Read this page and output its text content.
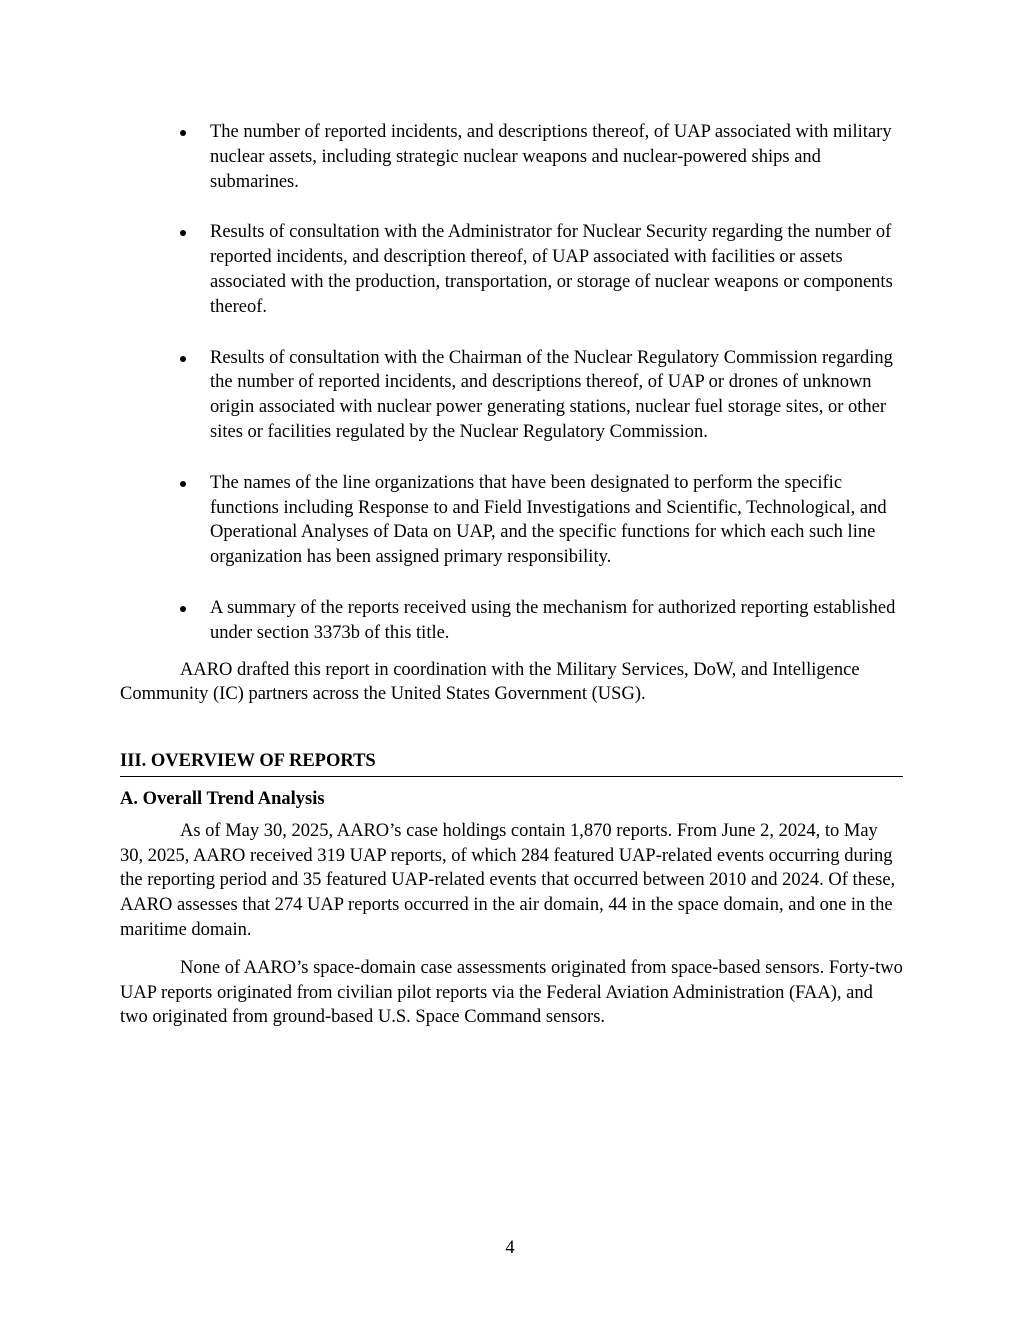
The number of reported incidents, and descriptions thereof, of UAP associated with military nuclear assets, including strategic nuclear weapons and nuclear-powered ships and submarines.
Results of consultation with the Administrator for Nuclear Security regarding the number of reported incidents, and description thereof, of UAP associated with facilities or assets associated with the production, transportation, or storage of nuclear weapons or components thereof.
Results of consultation with the Chairman of the Nuclear Regulatory Commission regarding the number of reported incidents, and descriptions thereof, of UAP or drones of unknown origin associated with nuclear power generating stations, nuclear fuel storage sites, or other sites or facilities regulated by the Nuclear Regulatory Commission.
The names of the line organizations that have been designated to perform the specific functions including Response to and Field Investigations and Scientific, Technological, and Operational Analyses of Data on UAP, and the specific functions for which each such line organization has been assigned primary responsibility.
A summary of the reports received using the mechanism for authorized reporting established under section 3373b of this title.

AARO drafted this report in coordination with the Military Services, DoW, and Intelligence Community (IC) partners across the United States Government (USG).

III. OVERVIEW OF REPORTS
A. Overall Trend Analysis

As of May 30, 2025, AARO’s case holdings contain 1,870 reports. From June 2, 2024, to May 30, 2025, AARO received 319 UAP reports, of which 284 featured UAP-related events occurring during the reporting period and 35 featured UAP-related events that occurred between 2010 and 2024. Of these, AARO assesses that 274 UAP reports occurred in the air domain, 44 in the space domain, and one in the maritime domain.

None of AARO’s space-domain case assessments originated from space-based sensors. Forty-two UAP reports originated from civilian pilot reports via the Federal Aviation Administration (FAA), and two originated from ground-based U.S. Space Command sensors.

4
